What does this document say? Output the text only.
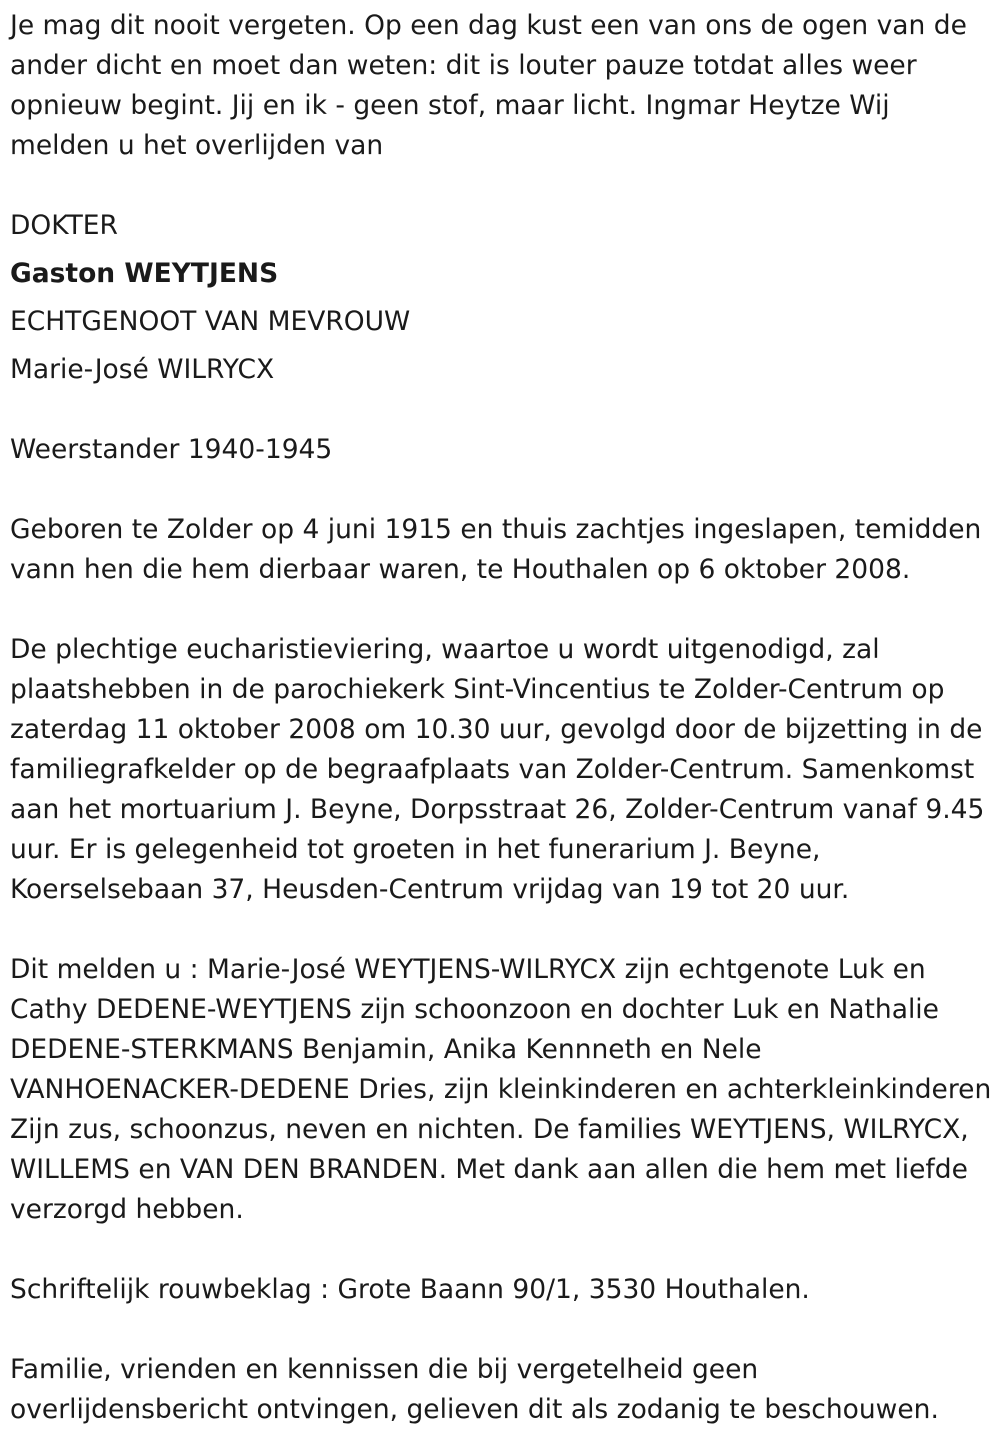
Je mag dit nooit vergeten. Op een dag kust een van ons de ogen van de ander dicht en moet dan weten: dit is louter pauze totdat alles weer opnieuw begint. Jij en ik - geen stof, maar licht. Ingmar Heytze Wij melden u het overlijden van

DOKTER

Gaston WEYTJENS

ECHTGENOOT VAN MEVROUW

Marie-José WILRYCX

Weerstander 1940-1945

Geboren te Zolder op 4 juni 1915 en thuis zachtjes ingeslapen, temidden vann hen die hem dierbaar waren, te Houthalen op 6 oktober 2008.

De plechtige eucharistieviering, waartoe u wordt uitgenodigd, zal plaatshebben in de parochiekerk Sint-Vincentius te Zolder-Centrum op zaterdag 11 oktober 2008 om 10.30 uur, gevolgd door de bijzetting in de familiegrafkelder op de begraafplaats van Zolder-Centrum. Samenkomst aan het mortuarium J. Beyne, Dorpsstraat 26, Zolder-Centrum vanaf 9.45 uur. Er is gelegenheid tot groeten in het funerarium J. Beyne, Koerselsebaan 37, Heusden-Centrum vrijdag van 19 tot 20 uur.

Dit melden u : Marie-José WEYTJENS-WILRYCX zijn echtgenote Luk en Cathy DEDENE-WEYTJENS zijn schoonzoon en dochter Luk en Nathalie DEDENE-STERKMANS Benjamin, Anika Kennneth en Nele VANHOENACKER-DEDENE Dries, zijn kleinkinderen en achterkleinkinderen Zijn zus, schoonzus, neven en nichten. De families WEYTJENS, WILRYCX, WILLEMS en VAN DEN BRANDEN. Met dank aan allen die hem met liefde verzorgd hebben.

Schriftelijk rouwbeklag : Grote Baann 90/1, 3530 Houthalen.

Familie, vrienden en kennissen die bij vergetelheid geen overlijdensbericht ontvingen, gelieven dit als zodanig te beschouwen.
